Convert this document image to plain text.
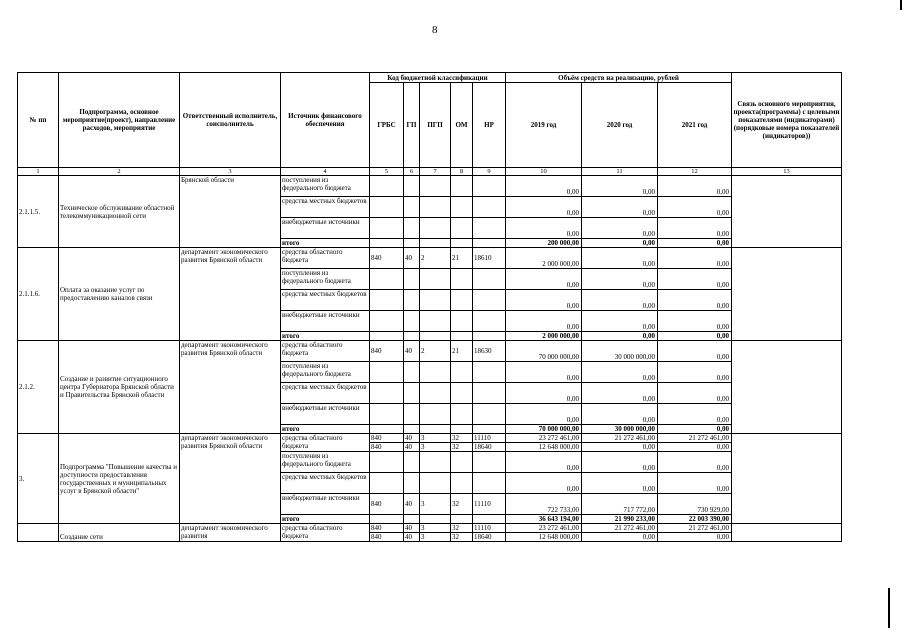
8
№ пп	Подпрограмма, основное мероприятие(проект), направление расходов, мероприятие	Ответственный исполнитель, соисполнитель	Источник финансового обеспечения	Код бюджетной классификации					Объём средств на реализацию, рублей			Связь основного мероприятия, проекта(программы) с целевыми показателями (индикаторами) (порядковые номера показателей (индикаторов))
				ГРБС	ГП	ПГП	ОМ	НР	2019 год	2020 год	2021 год	
1	2	3	4	5	6	7	8	9	10	11	12	13
2.1.1.5.	Техническое обслуживание областной телекоммуникационной сети	Брянской области	поступления из федерального бюджета						0,00	0,00	0,00	
			средства местных бюджетов						0,00	0,00	0,00	
			внебюджетные источники						0,00	0,00	0,00	
			итого						200 000,00	0,00	0,00	
2.1.1.6.	Оплата за оказание услуг по предоставлению каналов связи	департамент экономического развития Брянской области	средства областного бюджета	840	40	2	21	18610	2 000 000,00	0,00	0,00	
			поступления из федерального бюджета						0,00	0,00	0,00	
			средства местных бюджетов						0,00	0,00	0,00	
			внебюджетные источники						0,00	0,00	0,00	
			итого						2 000 000,00	0,00	0,00	
2.1.2.	Создание и развитие ситуационного центра Губернатора Брянской области и Правительства Брянской области	департамент экономического развития Брянской области	средства областного бюджета	840	40	2	21	18630	70 000 000,00	30 000 000,00	0,00	
			поступления из федерального бюджета						0,00	0,00	0,00	
			средства местных бюджетов						0,00	0,00	0,00	
			внебюджетные источники						0,00	0,00	0,00	
			итого						70 000 000,00	30 000 000,00	0,00	
3.	Подпрограмма "Повышение качества и доступности предоставления государственных и муниципальных услуг в Брянской области"	департамент экономического развития Брянской области	средства областного бюджета	840	40	3	32	11110	23 272 461,00	21 272 461,00	21 272 461,00	
				840	40	3	32	18640	12 648 000,00	0,00	0,00	
			поступления из федерального бюджета						0,00	0,00	0,00	
			средства местных бюджетов						0,00	0,00	0,00	
			внебюджетные источники	840	40	3	32	11110	722 733,00	717 772,00	730 929,00	
			итого						36 643 194,00	21 990 233,00	22 003 390,00	
	Создание сети	департамент экономического развития	средства областного бюджета	840	40	3	32	11110	23 272 461,00	21 272 461,00	21 272 461,00	
				840	40	3	32	18640	12 648 000,00	0,00	0,00	
